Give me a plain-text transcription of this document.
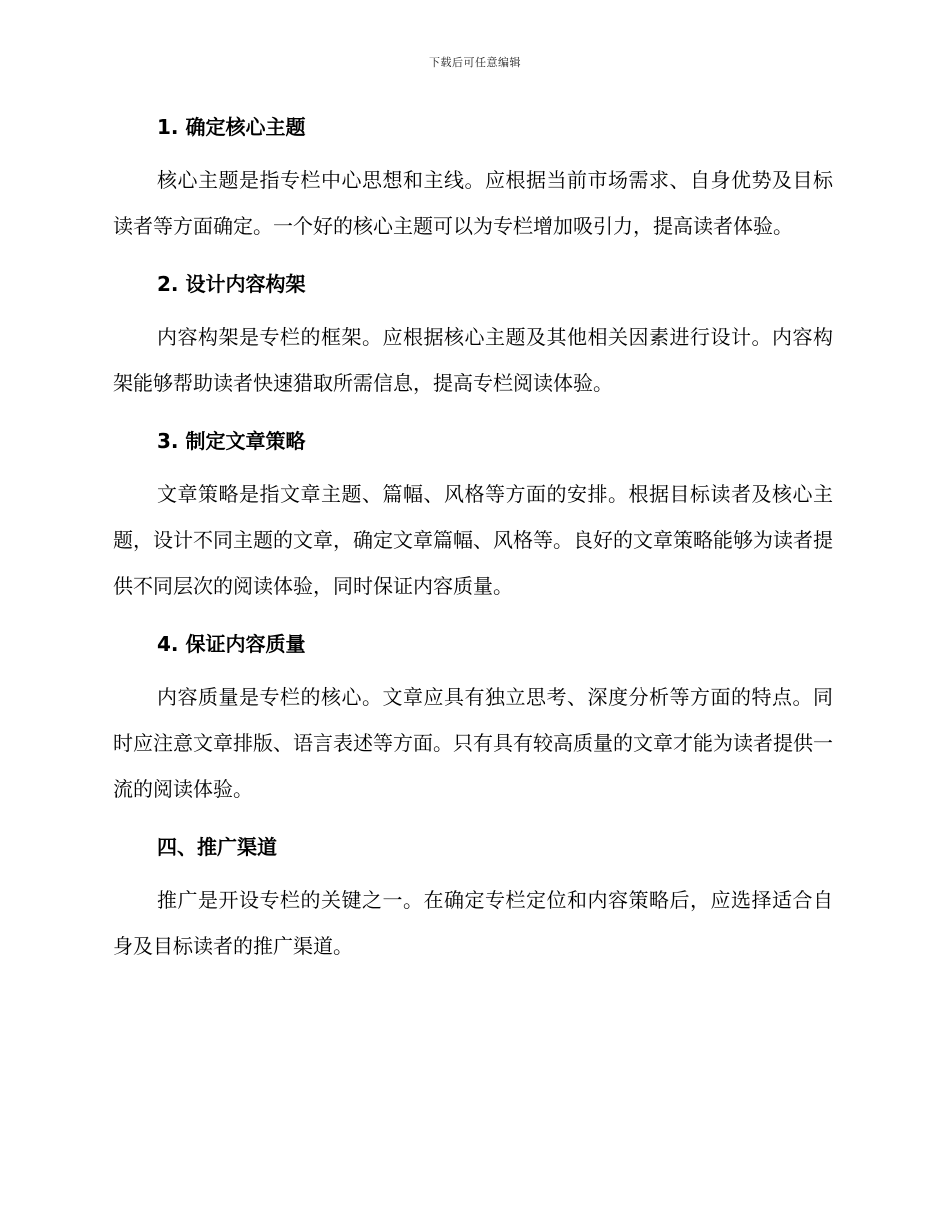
下载后可任意编辑
1. 确定核心主题

核心主题是指专栏中心思想和主线。应根据当前市场需求、自身优势及目标读者等方面确定。一个好的核心主题可以为专栏增加吸引力，提高读者体验。

2. 设计内容构架

内容构架是专栏的框架。应根据核心主题及其他相关因素进行设计。内容构架能够帮助读者快速猎取所需信息，提高专栏阅读体验。

3. 制定文章策略

文章策略是指文章主题、篇幅、风格等方面的安排。根据目标读者及核心主题，设计不同主题的文章，确定文章篇幅、风格等。良好的文章策略能够为读者提供不同层次的阅读体验，同时保证内容质量。

4. 保证内容质量

内容质量是专栏的核心。文章应具有独立思考、深度分析等方面的特点。同时应注意文章排版、语言表述等方面。只有具有较高质量的文章才能为读者提供一流的阅读体验。

四、推广渠道

推广是开设专栏的关键之一。在确定专栏定位和内容策略后，应选择适合自身及目标读者的推广渠道。
